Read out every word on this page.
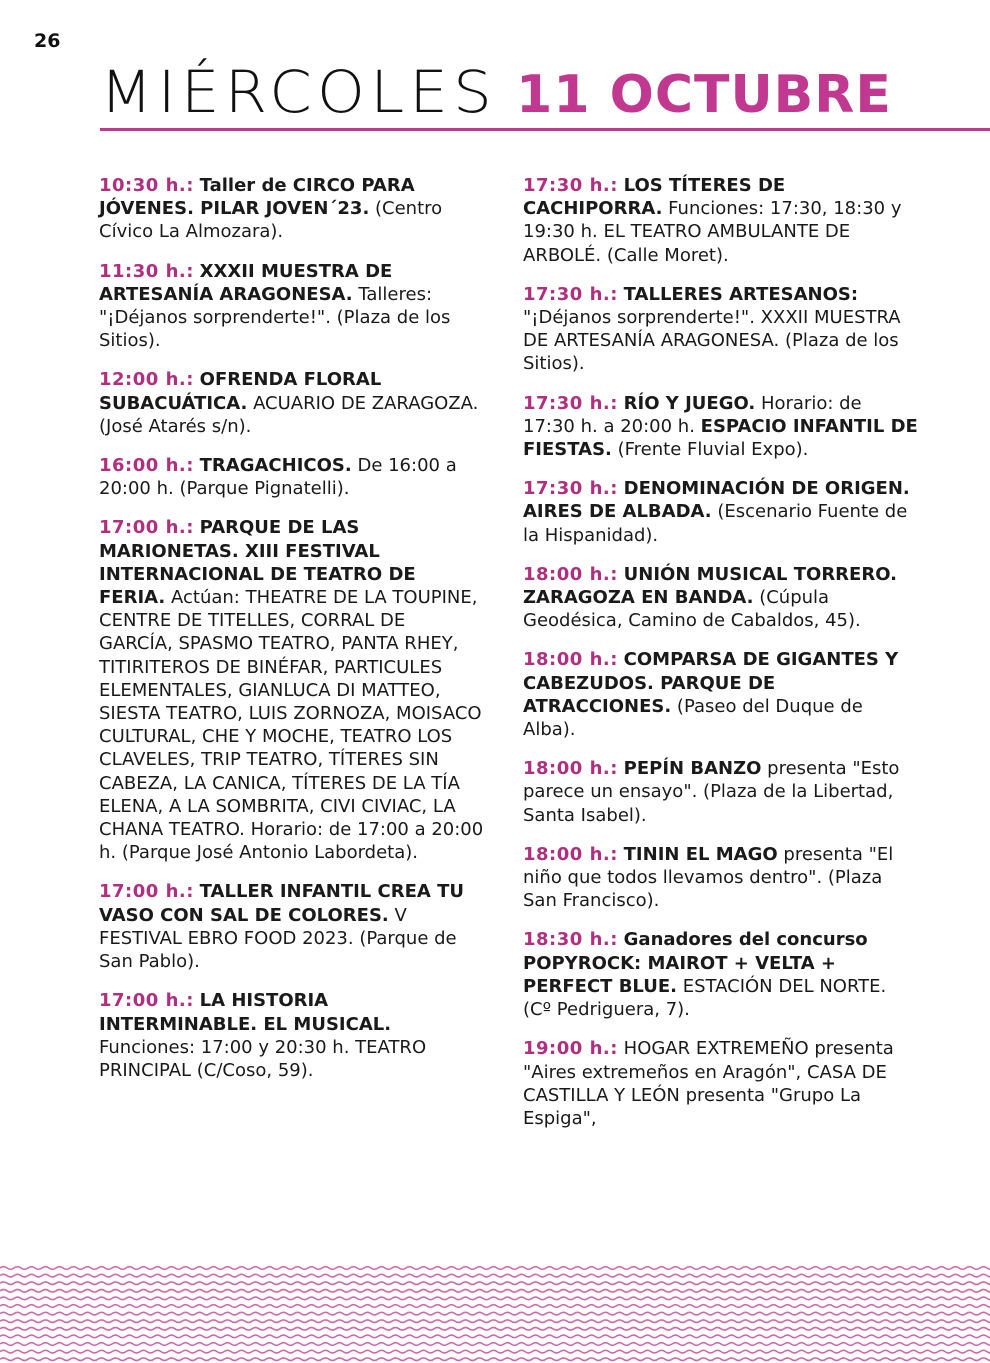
26
MIÉRCOLES 11 OCTUBRE
10:30 h.: Taller de CIRCO PARA JÓVENES. PILAR JOVEN´23. (Centro Cívico La Almozara).
11:30 h.: XXXII MUESTRA DE ARTESANÍA ARAGONESA. Talleres: "¡Déjanos sorprenderte!". (Plaza de los Sitios).
12:00 h.: OFRENDA FLORAL SUBACUÁTICA. ACUARIO DE ZARAGOZA. (José Atarés s/n).
16:00 h.: TRAGACHICOS. De 16:00 a 20:00 h. (Parque Pignatelli).
17:00 h.: PARQUE DE LAS MARIONETAS. XIII FESTIVAL INTERNACIONAL DE TEATRO DE FERIA. Actúan: THEATRE DE LA TOUPINE, CENTRE DE TITELLES, CORRAL DE GARCÍA, SPASMO TEATRO, PANTA RHEY, TITIRITEROS DE BINÉFAR, PARTICULES ELEMENTALES, GIANLUCA DI MATTEO, SIESTA TEATRO, LUIS ZORNOZA, MOISACO CULTURAL, CHE Y MOCHE, TEATRO LOS CLAVELES, TRIP TEATRO, TÍTERES SIN CABEZA, LA CANICA, TÍTERES DE LA TÍA ELENA, A LA SOMBRITA, CIVI CIVIAC, LA CHANA TEATRO. Horario: de 17:00 a 20:00 h. (Parque José Antonio Labordeta).
17:00 h.: TALLER INFANTIL CREA TU VASO CON SAL DE COLORES. V FESTIVAL EBRO FOOD 2023. (Parque de San Pablo).
17:00 h.: LA HISTORIA INTERMINABLE. EL MUSICAL. Funciones: 17:00 y 20:30 h. TEATRO PRINCIPAL (C/Coso, 59).
17:30 h.: LOS TÍTERES DE CACHIPORRA. Funciones: 17:30, 18:30 y 19:30 h. EL TEATRO AMBULANTE DE ARBOLÉ. (Calle Moret).
17:30 h.: TALLERES ARTESANOS: "¡Déjanos sorprenderte!". XXXII MUESTRA DE ARTESANÍA ARAGONESA. (Plaza de los Sitios).
17:30 h.: RÍO Y JUEGO. Horario: de 17:30 h. a 20:00 h. ESPACIO INFANTIL DE FIESTAS. (Frente Fluvial Expo).
17:30 h.: DENOMINACIÓN DE ORIGEN. AIRES DE ALBADA. (Escenario Fuente de la Hispanidad).
18:00 h.: UNIÓN MUSICAL TORRERO. ZARAGOZA EN BANDA. (Cúpula Geodésica, Camino de Cabaldos, 45).
18:00 h.: COMPARSA DE GIGANTES Y CABEZUDOS. PARQUE DE ATRACCIONES. (Paseo del Duque de Alba).
18:00 h.: PEPÍN BANZO presenta "Esto parece un ensayo". (Plaza de la Libertad, Santa Isabel).
18:00 h.: TININ EL MAGO presenta "El niño que todos llevamos dentro". (Plaza San Francisco).
18:30 h.: Ganadores del concurso POPYROCK: MAIROT + VELTA + PERFECT BLUE. ESTACIÓN DEL NORTE. (Cº Pedriguera, 7).
19:00 h.: HOGAR EXTREMEÑO presenta "Aires extremeños en Aragón", CASA DE CASTILLA Y LEÓN presenta "Grupo La Espiga",
